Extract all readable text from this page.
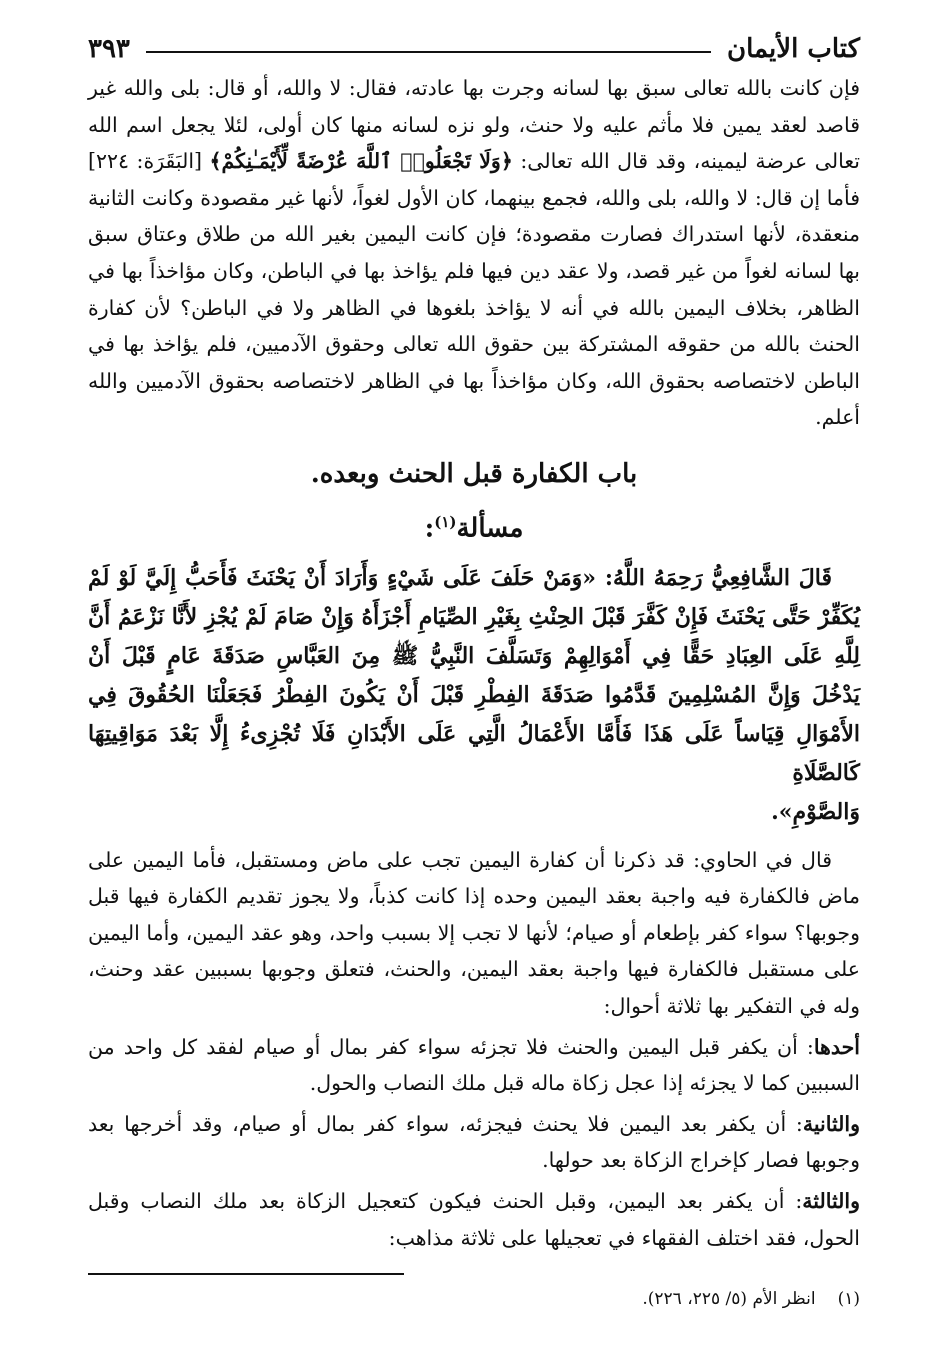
كتاب الأيمان
٣٩٣

فإن كانت بالله تعالى سبق بها لسانه وجرت بها عادته، فقال: لا والله، أو قال: بلى والله غير قاصد لعقد يمين فلا مأثم عليه ولا حنث، ولو نزه لسانه منها كان أولى، لئلا يجعل اسم الله تعالى عرضة ليمينه، وقد قال الله تعالى: ﴿وَلَا تَجْعَلُوا۟ ٱللَّهَ عُرْضَةً لِّأَيْمَـٰنِكُمْ﴾ [البَقَرَة: ٢٢٤] فأما إن قال: لا والله، بلى والله، فجمع بينهما، كان الأول لغواً، لأنها غير مقصودة وكانت الثانية منعقدة، لأنها استدراك فصارت مقصودة؛ فإن كانت اليمين بغير الله من طلاق وعتاق سبق بها لسانه لغواً من غير قصد، ولا عقد دين فيها فلم يؤاخذ بها في الباطن، وكان مؤاخذاً بها في الظاهر، بخلاف اليمين بالله في أنه لا يؤاخذ بلغوها في الظاهر ولا في الباطن؟ لأن كفارة الحنث بالله من حقوقه المشتركة بين حقوق الله تعالى وحقوق الآدميين، فلم يؤاخذ بها في الباطن لاختصاصه بحقوق الله، وكان مؤاخذاً بها في الظاهر لاختصاصه بحقوق الآدميين والله أعلم.

باب الكفارة قبل الحنث وبعده.
مسألة$^{(١)}$:

قَالَ الشَّافِعِيُّ رَحِمَهُ اللَّهُ: «وَمَنْ حَلَفَ عَلَى شَيْءٍ وَأَرَادَ أَنْ يَحْنَثَ فَأَحَبُّ إِلَيَّ لَوْ لَمْ يُكَفِّرْ حَتَّى يَحْنَثَ فَإِنْ كَفَّرَ قَبْلَ الحِنْثِ بِغَيْرِ الصِّيَامِ أَجْزَأَهُ وَإِنْ صَامَ لَمْ يُجْزِ لأَنَّا نَزْعَمُ أَنَّ لِلَّهِ عَلَى العِبَادِ حَقًّا فِي أَمْوَالِهِمْ وَتَسَلَّفَ النَّبِيُّ ﷺ مِنَ العَبَّاسِ صَدَقَةَ عَامٍ قَبْلَ أَنْ يَدْخُلَ وَإِنَّ المُسْلِمِينَ قَدَّمُوا صَدَقَةَ الفِطْرِ قَبْلَ أَنْ يَكُونَ الفِطْرُ فَجَعَلْنَا الحُقُوقَ فِي الأَمْوَالِ قِيَاساً عَلَى هَذَا فَأَمَّا الأَعْمَالُ الَّتِي عَلَى الأَبْدَانِ فَلَا تُجْزِىءُ إِلَّا بَعْدَ مَوَاقِيتِهَا كَالصَّلَاةِ
وَالصَّوْمِ».

قال في الحاوي: قد ذكرنا أن كفارة اليمين تجب على ماض ومستقبل، فأما اليمين على ماض فالكفارة فيه واجبة بعقد اليمين وحده إذا كانت كذباً، ولا يجوز تقديم الكفارة فيها قبل وجوبها؟ سواء كفر بإطعام أو صيام؛ لأنها لا تجب إلا بسبب واحد، وهو عقد اليمين، وأما اليمين على مستقبل فالكفارة فيها واجبة بعقد اليمين، والحنث، فتعلق وجوبها بسببين عقد وحنث، وله في التفكير بها ثلاثة أحوال:

أحدها: أن يكفر قبل اليمين والحنث فلا تجزئه سواء كفر بمال أو صيام لفقد كل واحد من السببين كما لا يجزئه إذا عجل زكاة ماله قبل ملك النصاب والحول.

والثانية: أن يكفر بعد اليمين فلا يحنث فيجزئه، سواء كفر بمال أو صيام، وقد أخرجها بعد وجوبها فصار كإخراج الزكاة بعد حولها.

والثالثة: أن يكفر بعد اليمين، وقبل الحنث فيكون كتعجيل الزكاة بعد ملك النصاب وقبل الحول، فقد اختلف الفقهاء في تعجيلها على ثلاثة مذاهب:

(١)انظر الأم (٥/ ٢٢٥، ٢٢٦).
